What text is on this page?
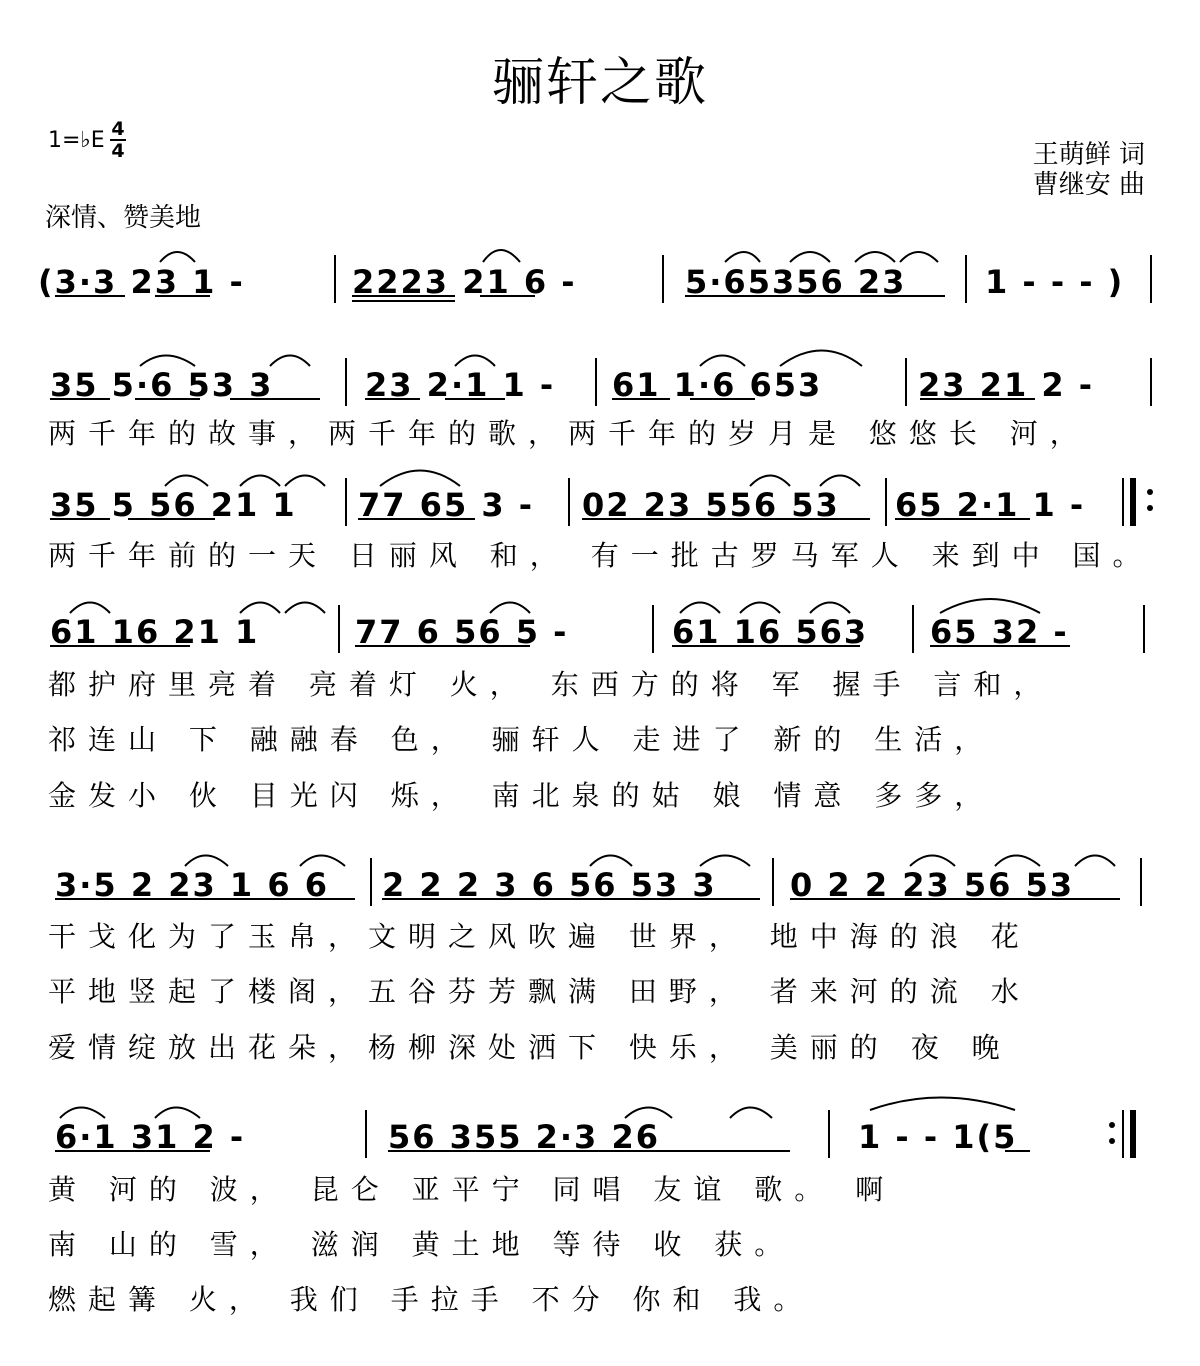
骊轩之歌
1=♭E 4
4	王萌鲜 词
曹继安 曲
深情、赞美地
(3·3 23 1 -	2223 21 6 -	5·65356 23 1 - - - )
35 5·6 53 3	23 2·1 1 - 61 1·6 653	23 21 2 -
两千年的故事，两千年的歌，两千年的岁月是 悠悠长 河，
35 5 56 21 1 77 65 3 - 02 23 556 53 65 2·1 1 -
两千年前的一天 日丽风 和， 有一批古罗马军人 来到中 国。
61 16 21 1	77 6 56 5 -	61 16 563 65 32 -
都护府里亮着 亮着灯 火， 东西方的将 军 握手 言和，
祁连山 下 融融春 色， 骊轩人 走进了 新的 生活，
金发小 伙 目光闪 烁， 南北泉的姑 娘 情意 多多，
3·5 2 23 1 6 6 2 2 2 3 6 56 53 3 0 2 2 23 56 53
干戈化为了玉帛，文明之风吹遍 世界， 地中海的浪 花
平地竖起了楼阁，五谷芬芳飘满 田野， 者来河的流 水
爱情绽放出花朵，杨柳深处洒下 快乐， 美丽的 夜 晚
6·1 31 2 -	56 355 2·3 26	1 - - 1(5
黄 河的 波， 昆仑 亚平宁 同唱 友谊 歌。 啊
南 山的 雪， 滋润 黄土地 等待 收 获。
燃起篝 火， 我们 手拉手 不分 你和 我。
